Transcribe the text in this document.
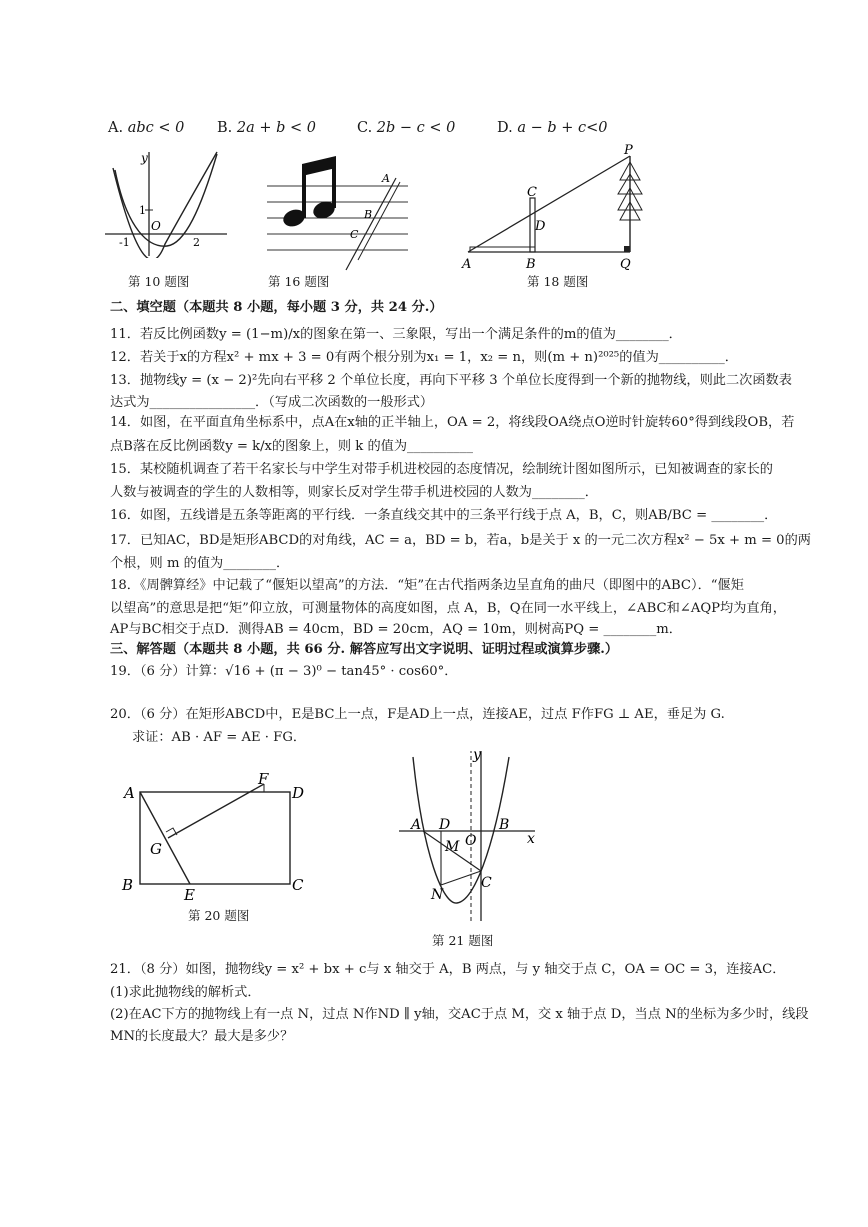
A. abc < 0 B. 2a + b < 0	C. 2b − c < 0	D. a − b + c<0
y
1
O
-1	2
第 10 题图
A
B
C
第 16 题图
P
C
D
A	B	Q
第 18 题图
二、填空题（本题共 8 小题，每小题 3 分，共 24 分.）
11．若反比例函数y = (1−m)/x的图象在第一、三象限，写出一个满足条件的m的值为________．
12．若关于x的方程x² + mx + 3 = 0有两个根分别为x₁ = 1，x₂ = n，则(m + n)²⁰²⁵的值为__________．
13．抛物线y = (x − 2)²先向右平移 2 个单位长度，再向下平移 3 个单位长度得到一个新的抛物线，则此二次函数表
达式为________________．（写成二次函数的一般形式）
14．如图，在平面直角坐标系中，点A在x轴的正半轴上，OA = 2，将线段OA绕点O逆时针旋转60°得到线段OB，若
点B落在反比例函数y = k/x的图象上，则 k 的值为__________
15．某校随机调查了若干名家长与中学生对带手机进校园的态度情况，绘制统计图如图所示，已知被调查的家长的
人数与被调查的学生的人数相等，则家长反对学生带手机进校园的人数为________．
16．如图，五线谱是五条等距离的平行线．一条直线交其中的三条平行线于点 A，B，C，则AB/BC = ________．
17．已知AC，BD是矩形ABCD的对角线，AC = a，BD = b，若a，b是关于 x 的一元二次方程x² − 5x + m = 0的两
个根，则 m 的值为________．
18．《周髀算经》中记载了“偃矩以望高”的方法．“矩”在古代指两条边呈直角的曲尺（即图中的ABC）．“偃矩
以望高”的意思是把“矩”仰立放，可测量物体的高度如图，点 A，B，Q在同一水平线上，∠ABC和∠AQP均为直角，
AP与BC相交于点D．测得AB = 40cm，BD = 20cm，AQ = 10m，则树高PQ = ________m．
三、解答题（本题共 8 小题，共 66 分. 解答应写出文字说明、证明过程或演算步骤.）
19．（6 分）计算：√16 + (π − 3)⁰ − tan45° · cos60°．
20．（6 分）在矩形ABCD中，E是BC上一点，F是AD上一点，连接AE，过点 F作FG ⊥ AE，垂足为 G.
求证：AB · AF = AE · FG．
A
F
D
G
B
E
C
第 20 题图
y
x
A D
O
B
M
C
N
第 21 题图
21．（8 分）如图，抛物线y = x² + bx + c与 x 轴交于 A，B 两点，与 y 轴交于点 C，OA = OC = 3，连接AC．
(1)求此抛物线的解析式．
(2)在AC下方的抛物线上有一点 N，过点 N作ND ∥ y轴，交AC于点 M，交 x 轴于点 D，当点 N的坐标为多少时，线段
MN的长度最大？最大是多少？
